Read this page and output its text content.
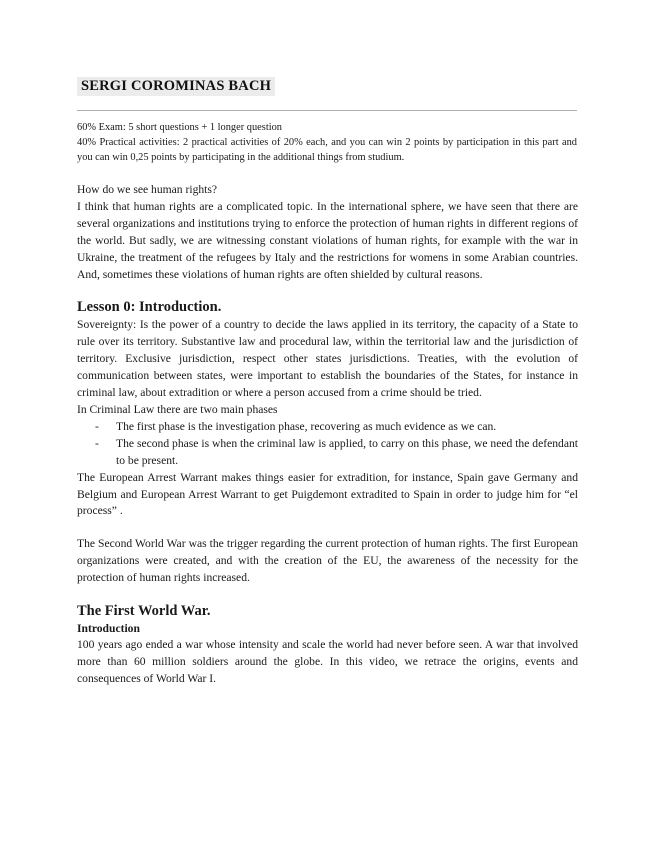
SERGI COROMINAS BACH

60% Exam: 5 short questions + 1 longer question

40% Practical activities: 2 practical activities of 20% each, and you can win 2 points by participation in this part and you can win 0,25 points by participating in the additional things from studium.

How do we see human rights?

I think that human rights are a complicated topic. In the international sphere, we have seen that there are several organizations and institutions trying to enforce the protection of human rights in different regions of the world. But sadly, we are witnessing constant violations of human rights, for example with the war in Ukraine, the treatment of the refugees by Italy and the restrictions for womens in some Arabian countries. And, sometimes these violations of human rights are often shielded by cultural reasons.

Lesson 0: Introduction.

Sovereignty: Is the power of a country to decide the laws applied in its territory, the capacity of a State to rule over its territory. Substantive law and procedural law, within the territorial law and the jurisdiction of territory. Exclusive jurisdiction, respect other states jurisdictions. Treaties, with the evolution of communication between states, were important to establish the boundaries of the States, for instance in criminal law, about extradition or where a person accused from a crime should be tried.

In Criminal Law there are two main phases

- The first phase is the investigation phase, recovering as much evidence as we can.
- The second phase is when the criminal law is applied, to carry on this phase, we need the defendant to be present.

The European Arrest Warrant makes things easier for extradition, for instance, Spain gave Germany and Belgium and European Arrest Warrant to get Puigdemont extradited to Spain in order to judge him for “el process” .

The Second World War was the trigger regarding the current protection of human rights. The first European organizations were created, and with the creation of the EU, the awareness of the necessity for the protection of human rights increased.

The First World War.
Introduction

100 years ago ended a war whose intensity and scale the world had never before seen. A war that involved more than 60 million soldiers around the globe. In this video, we retrace the origins, events and consequences of World War I.
